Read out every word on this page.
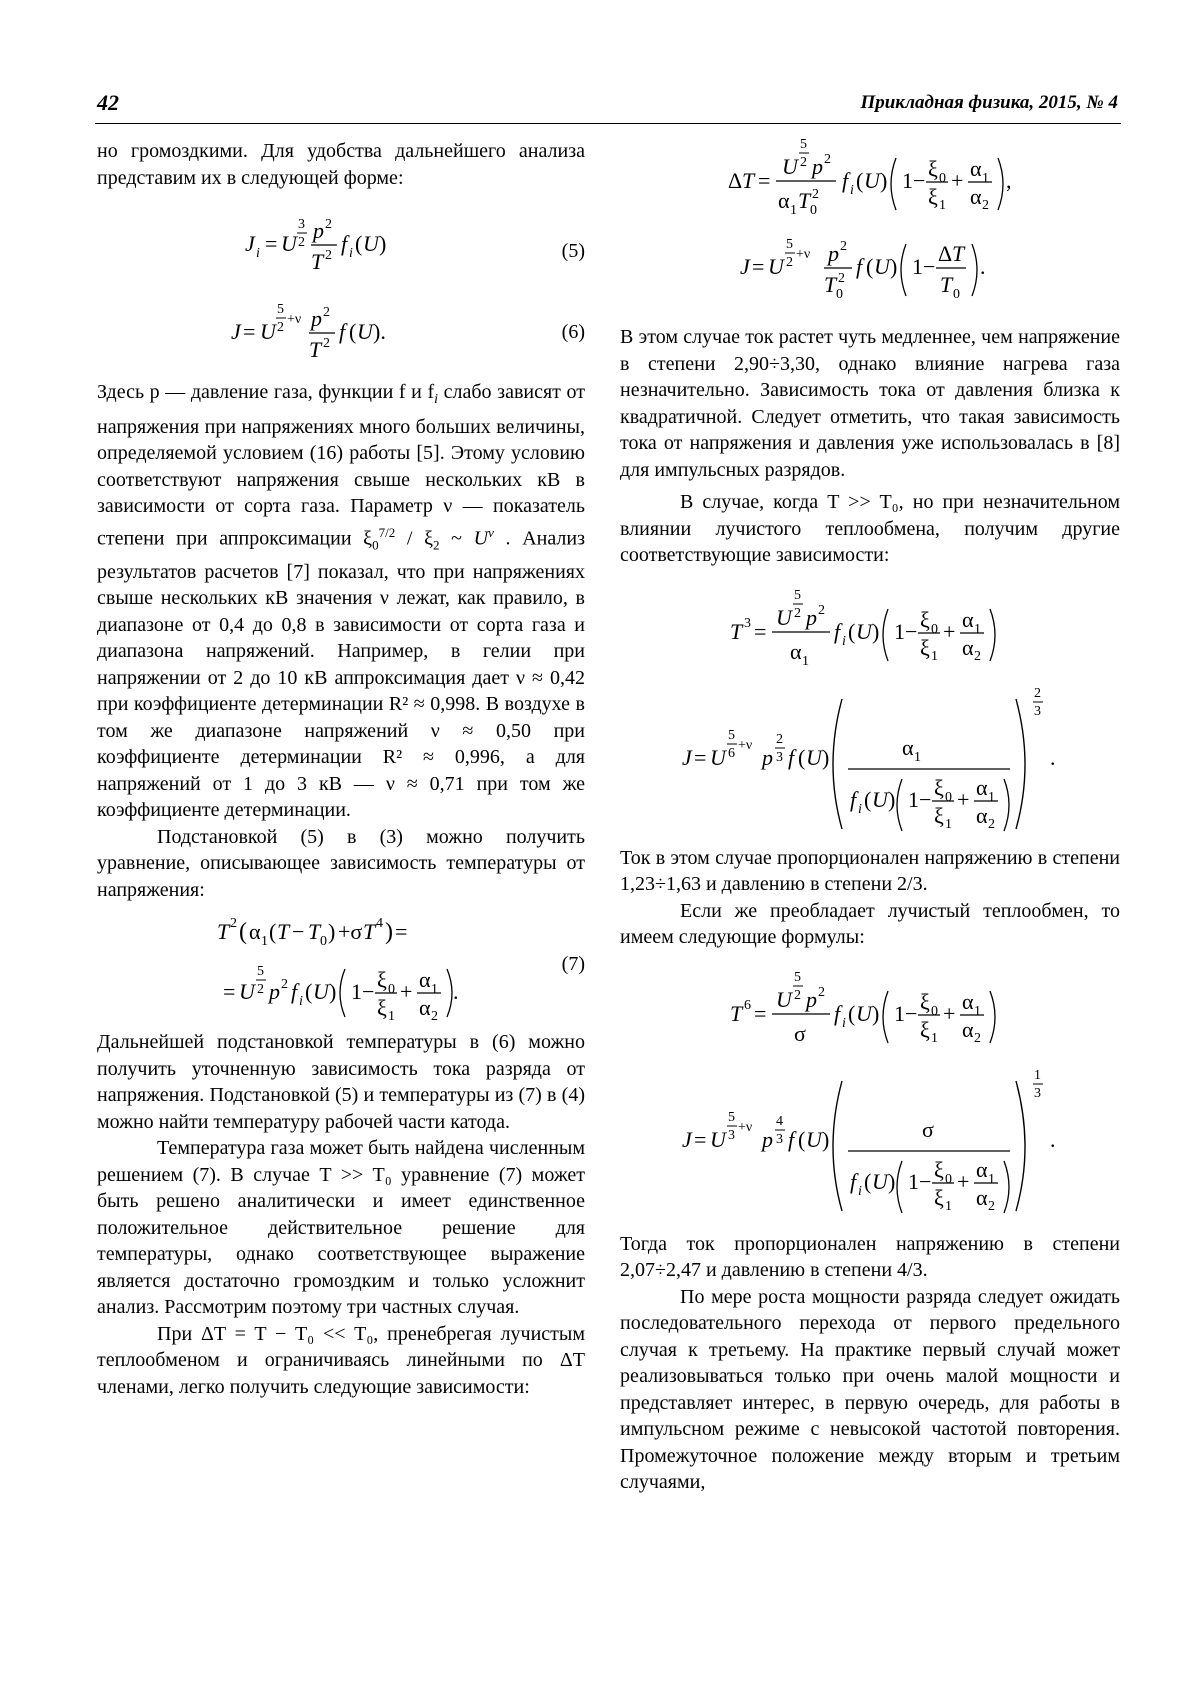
42	Прикладная физика, 2015, № 4

но громоздкими. Для удобства дальнейшего анализа представим их в следующей форме:

J i = U
3
2 p 2
T 2 f i ( U )	(5)
J = U
5
2
+ν p 2
T 2 f ( U ).	(6)

Здесь p — давление газа, функции f и $f_i$ слабо зависят от напряжения при напряжениях много больших величины, определяемой условием (16) работы [5]. Этому условию соответствуют напряжения свыше нескольких кВ в зависимости от сорта газа. Параметр ν — показатель степени при аппроксимации $\xi_0^{7/2} / \xi_2$ ~ $U^\nu$ . Анализ результатов расчетов [7] показал, что при напряжениях свыше нескольких кВ значения ν лежат, как правило, в диапазоне от 0,4 до 0,8 в зависимости от сорта газа и диапазона напряжений. Например, в гелии при напряжении от 2 до 10 кВ аппроксимация дает ν ≈ 0,42 при коэффициенте детерминации R² ≈ 0,998. В воздухе в том же диапазоне напряжений ν ≈ 0,50 при коэффициенте детерминации R² ≈ 0,996, а для напряжений от 1 до 3 кВ — ν ≈ 0,71 при том же коэффициенте детерминации.

Подстановкой (5) в (3) можно получить уравнение, описывающее зависимость температуры от напряжения:

T 2 ( α 1 ( T − T 0 ) +σ T 4 ) =
= U
5
2 p 2 f i ( U ) 1− ξ 0
ξ 1
+ α 1
α 2
.
(7)

Дальнейшей подстановкой температуры в (6) можно получить уточненную зависимость тока разряда от напряжения. Подстановкой (5) и температуры из (7) в (4) можно найти температуру рабочей части катода.

Температура газа может быть найдена численным решением (7). В случае T >> T₀ уравнение (7) может быть решено аналитически и имеет единственное положительное действительное решение для температуры, однако соответствующее выражение является достаточно громоздким и только усложнит анализ. Рассмотрим поэтому три частных случая.

При ΔT = T − T₀ << T₀, пренебрегая лучистым теплообменом и ограничиваясь линейными по ΔT членами, легко получить следующие зависимости:

Δ T =
U
5
2 p 2
α 1 T 2
0
f i ( U ) 1− ξ 0
ξ 1
+ α 1
α 2
,
J = U
5
2
+ν p 2
T 2
0
f ( U ) 1−
Δ T
T 0
.

В этом случае ток растет чуть медленнее, чем напряжение в степени 2,90÷3,30, однако влияние нагрева газа незначительно. Зависимость тока от давления близка к квадратичной. Следует отметить, что такая зависимость тока от напряжения и давления уже использовалась в [8] для импульсных разрядов.

В случае, когда T >> T₀, но при незначительном влиянии лучистого теплообмена, получим другие соответствующие зависимости:

T 3 =
U
5
2 p 2
α 1
f i ( U ) 1− ξ 0
ξ 1
+ α 1
α 2
J = U
5
6
+ν p
2
3 f ( U )	α 1
f i ( U ) 1− ξ 0
ξ 1
+ α 1
α 2
2
3
.

Ток в этом случае пропорционален напряжению в степени 1,23÷1,63 и давлению в степени 2/3.

Если же преобладает лучистый теплообмен, то имеем следующие формулы:

T 6 =
U
5
2 p 2
σ
f i ( U ) 1− ξ 0
ξ 1
+ α 1
α 2
J = U
5
3
+ν p
4
3 f ( U )	σ
f i ( U ) 1− ξ 0
ξ 1
+ α 1
α 2
1
3
.

Тогда ток пропорционален напряжению в степени 2,07÷2,47 и давлению в степени 4/3.

По мере роста мощности разряда следует ожидать последовательного перехода от первого предельного случая к третьему. На практике первый случай может реализовываться только при очень малой мощности и представляет интерес, в первую очередь, для работы в импульсном режиме с невысокой частотой повторения. Промежуточное положение между вторым и третьим случаями,
